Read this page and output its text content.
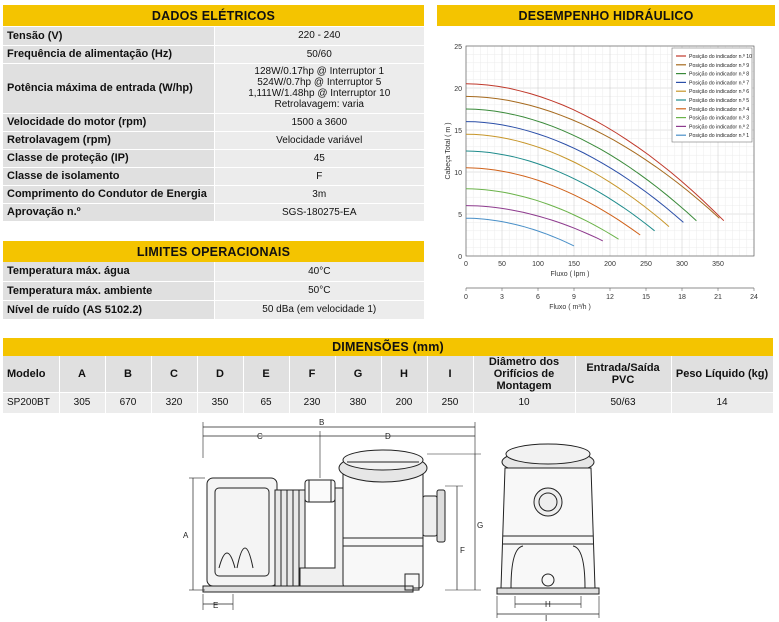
DADOS ELÉTRICOS
Tensão (V)	220 - 240

Frequência de alimentação (Hz)	50/60

Potência máxima de entrada (W/hp)	128W/0.17hp @ Interruptor 1
524W/0.7hp @ Interruptor 5
1,111W/1.48hp @ Interruptor 10
Retrolavagem: varia

Velocidade do motor (rpm)	1500 a 3600

Retrolavagem (rpm)	Velocidade variável

Classe de proteção (IP)	45

Classe de isolamento	F

Comprimento do Condutor de Energia	3m

Aprovação n.º	SGS-180275-EA
LIMITES OPERACIONAIS
Temperatura máx. água	40°C
Temperatura máx. ambiente	50°C
Nível de ruído (AS 5102.2)	50 dBa (em velocidade 1)
DESEMPENHO HIDRÁULICO
0
5
10
15
20
25
0	50	100	150	200	250	300	350
Cabeça Total ( m )
Fluxo ( lpm )
0	3	6	9	12	15	18	21	24
Fluxo ( m³/h )
Posição do indicador n.º 10
Posição do indicador n.º 9
Posição do indicador n.º 8
Posição do indicador n.º 7
Posição do indicador n.º 6
Posição do indicador n.º 5
Posição do indicador n.º 4
Posição do indicador n.º 3
Posição do indicador n.º 2
Posição do indicador n.º 1
DIMENSÕES (mm)
Modelo	A	B	C	D	E	F	G	H	I	Diâmetro dos Orifícios de Montagem	Entrada/Saída PVC	Peso Líquido (kg)
SP200BT	305	670	320	350	65	230	380	200	250	10	50/63	14
B
C	D
A
E
F
G
H
I
